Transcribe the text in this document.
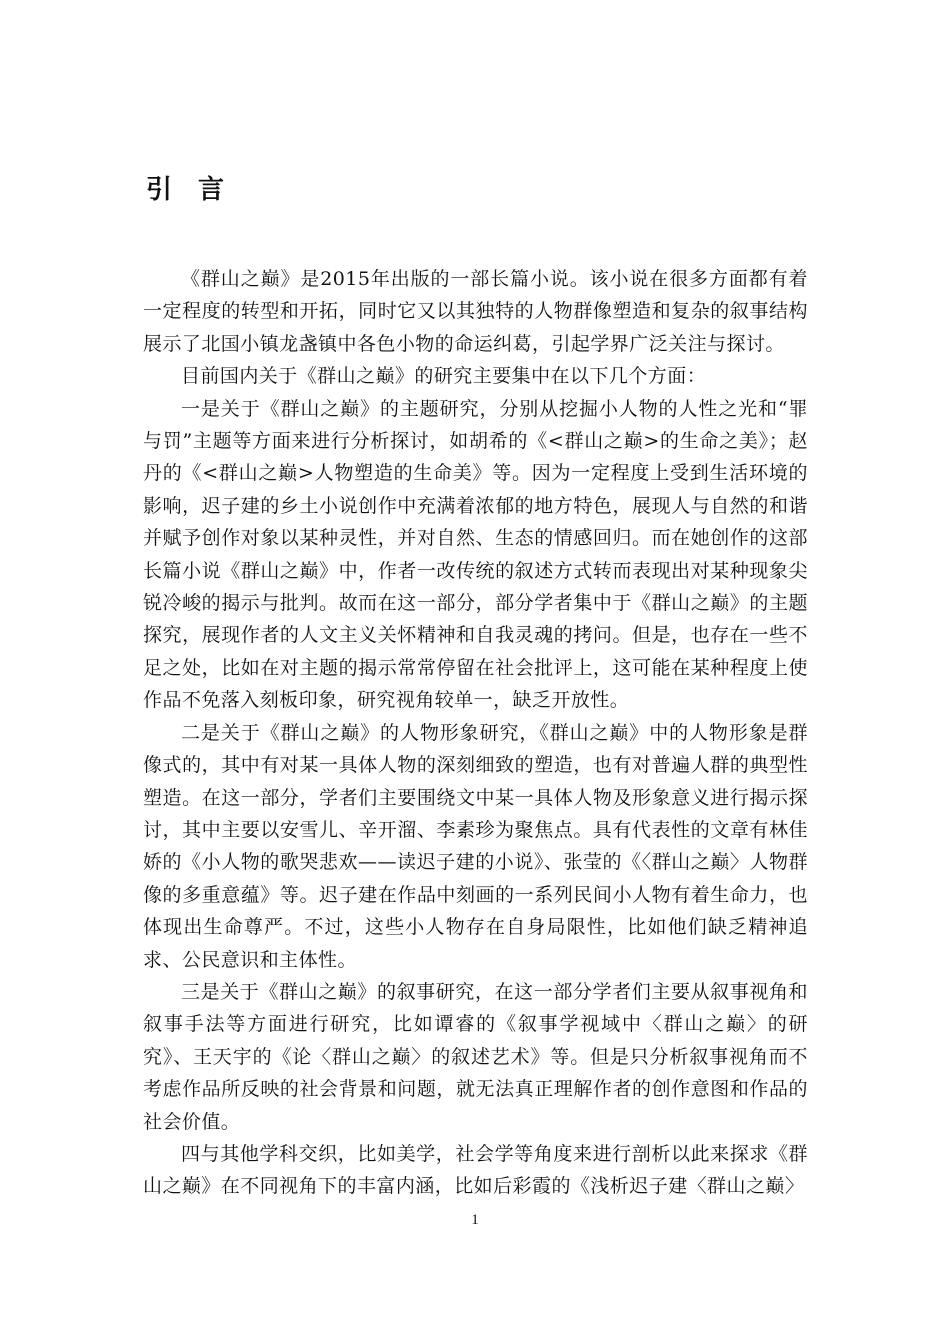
引言

《群山之巅》是2015年出版的一部长篇小说。该小说在很多方面都有着一定程度的转型和开拓，同时它又以其独特的人物群像塑造和复杂的叙事结构展示了北国小镇龙盏镇中各色小物的命运纠葛，引起学界广泛关注与探讨。

目前国内关于《群山之巅》的研究主要集中在以下几个方面：

一是关于《群山之巅》的主题研究，分别从挖掘小人物的人性之光和“罪与罚”主题等方面来进行分析探讨，如胡希的《<群山之巅>的生命之美》；赵丹的《<群山之巅>人物塑造的生命美》等。因为一定程度上受到生活环境的影响，迟子建的乡土小说创作中充满着浓郁的地方特色，展现人与自然的和谐并赋予创作对象以某种灵性，并对自然、生态的情感回归。而在她创作的这部长篇小说《群山之巅》中，作者一改传统的叙述方式转而表现出对某种现象尖锐冷峻的揭示与批判。故而在这一部分，部分学者集中于《群山之巅》的主题探究，展现作者的人文主义关怀精神和自我灵魂的拷问。但是，也存在一些不足之处，比如在对主题的揭示常常停留在社会批评上，这可能在某种程度上使作品不免落入刻板印象，研究视角较单一，缺乏开放性。

二是关于《群山之巅》的人物形象研究，《群山之巅》中的人物形象是群像式的，其中有对某一具体人物的深刻细致的塑造，也有对普遍人群的典型性塑造。在这一部分，学者们主要围绕文中某一具体人物及形象意义进行揭示探讨，其中主要以安雪儿、辛开溜、李素珍为聚焦点。具有代表性的文章有林佳娇的《小人物的歌哭悲欢——读迟子建的小说》、张莹的《〈群山之巅〉人物群像的多重意蕴》等。迟子建在作品中刻画的一系列民间小人物有着生命力，也体现出生命尊严。不过，这些小人物存在自身局限性，比如他们缺乏精神追求、公民意识和主体性。

三是关于《群山之巅》的叙事研究，在这一部分学者们主要从叙事视角和叙事手法等方面进行研究，比如谭睿的《叙事学视域中〈群山之巅〉的研究》、王天宇的《论〈群山之巅〉的叙述艺术》等。但是只分析叙事视角而不考虑作品所反映的社会背景和问题，就无法真正理解作者的创作意图和作品的社会价值。

四与其他学科交织，比如美学，社会学等角度来进行剖析以此来探求《群山之巅》在不同视角下的丰富内涵，比如后彩霞的《浅析迟子建〈群山之巅〉

1
